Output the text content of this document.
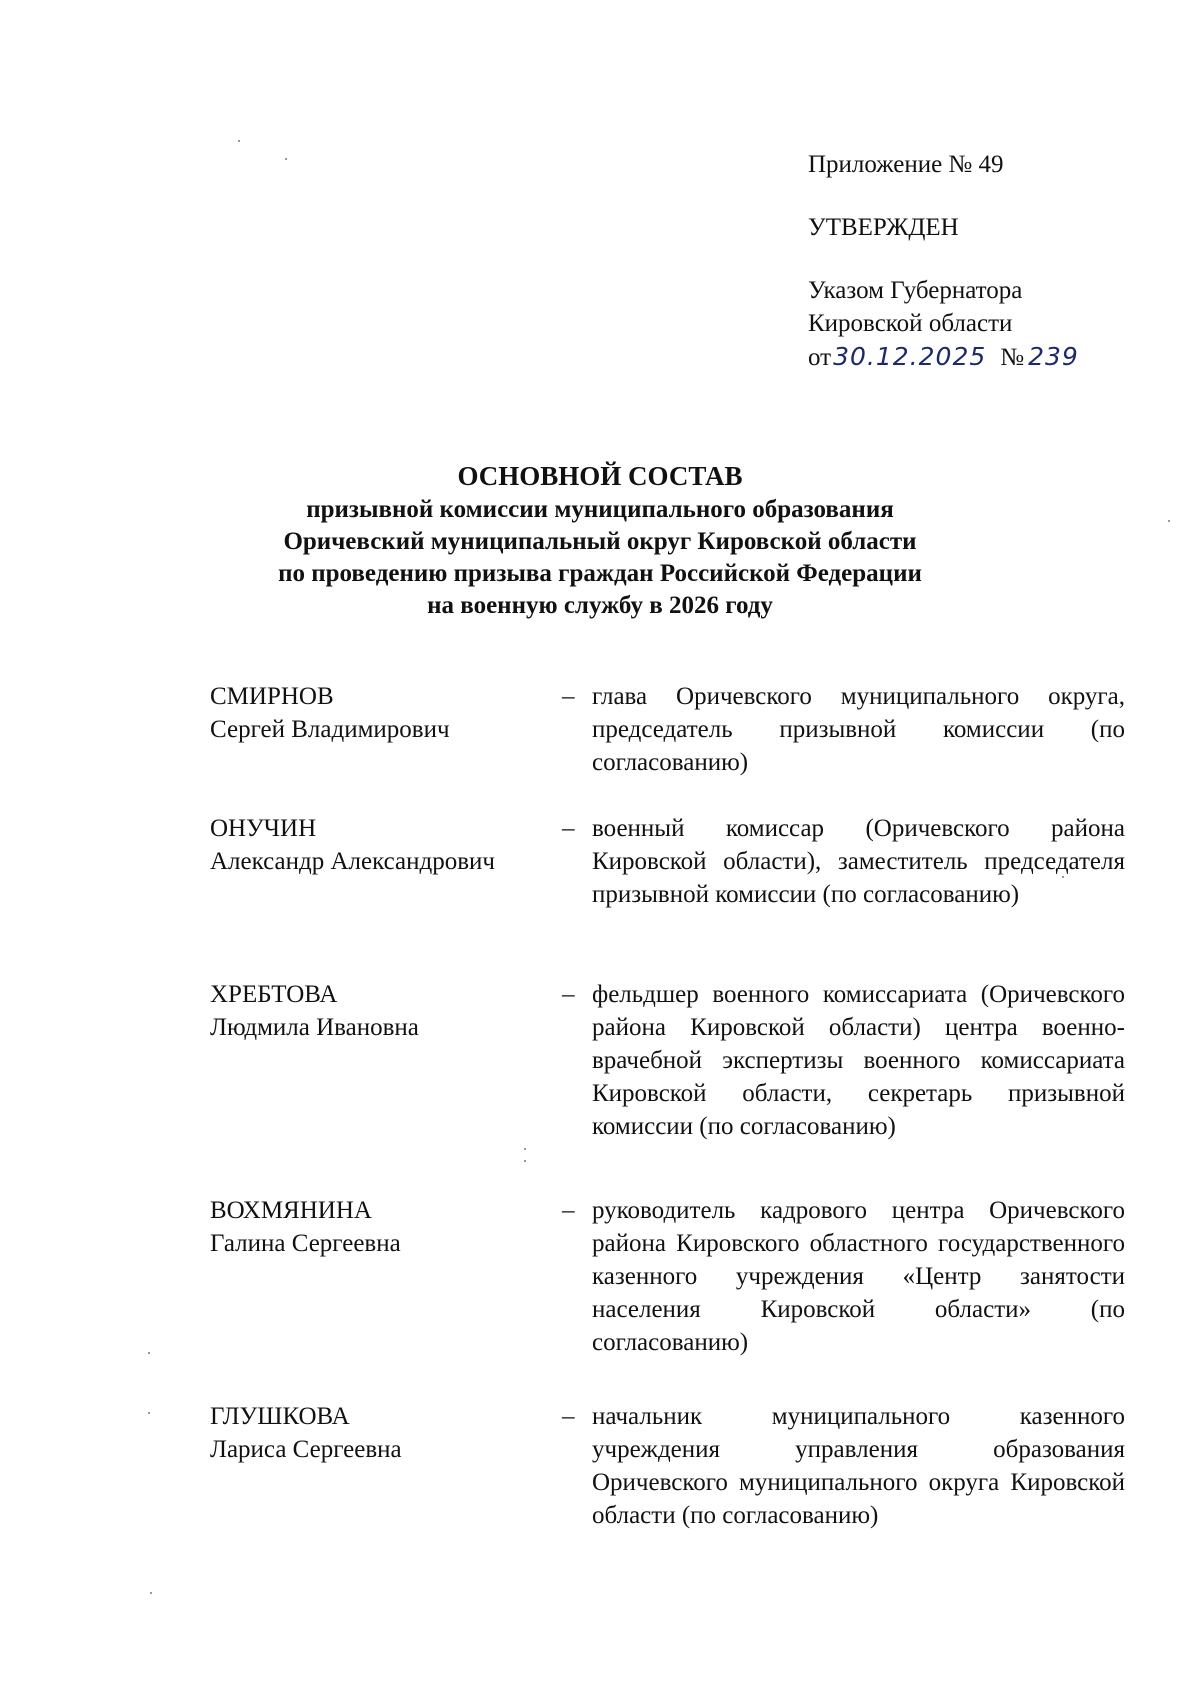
Приложение № 49

УТВЕРЖДЕН

Указом Губернатора
Кировской области
от30.12.2025 № 239
ОСНОВНОЙ СОСТАВ
призывной комиссии муниципального образования
Оричевский муниципальный округ Кировской области
по проведению призыва граждан Российской Федерации
на военную службу в 2026 году
СМИРНОВ
Сергей Владимирович
– глава Оричевского муниципального округа, председатель призывной комиссии (по согласованию)
ОНУЧИН
Александр Александрович
– военный комиссар (Оричевского района Кировской области), заместитель председателя призывной комиссии (по согласованию)
ХРЕБТОВА
Людмила Ивановна
– фельдшер военного комиссариата (Оричевского района Кировской области) центра военно-врачебной экспертизы военного комиссариата Кировской области, секретарь призывной комиссии (по согласованию)
ВОХМЯНИНА
Галина Сергеевна
– руководитель кадрового центра Оричевского района Кировского областного государственного казенного учреждения «Центр занятости населения Кировской области» (по согласованию)
ГЛУШКОВА
Лариса Сергеевна
– начальник муниципального казенного учреждения управления образования Оричевского муниципального округа Кировской области (по согласованию)
